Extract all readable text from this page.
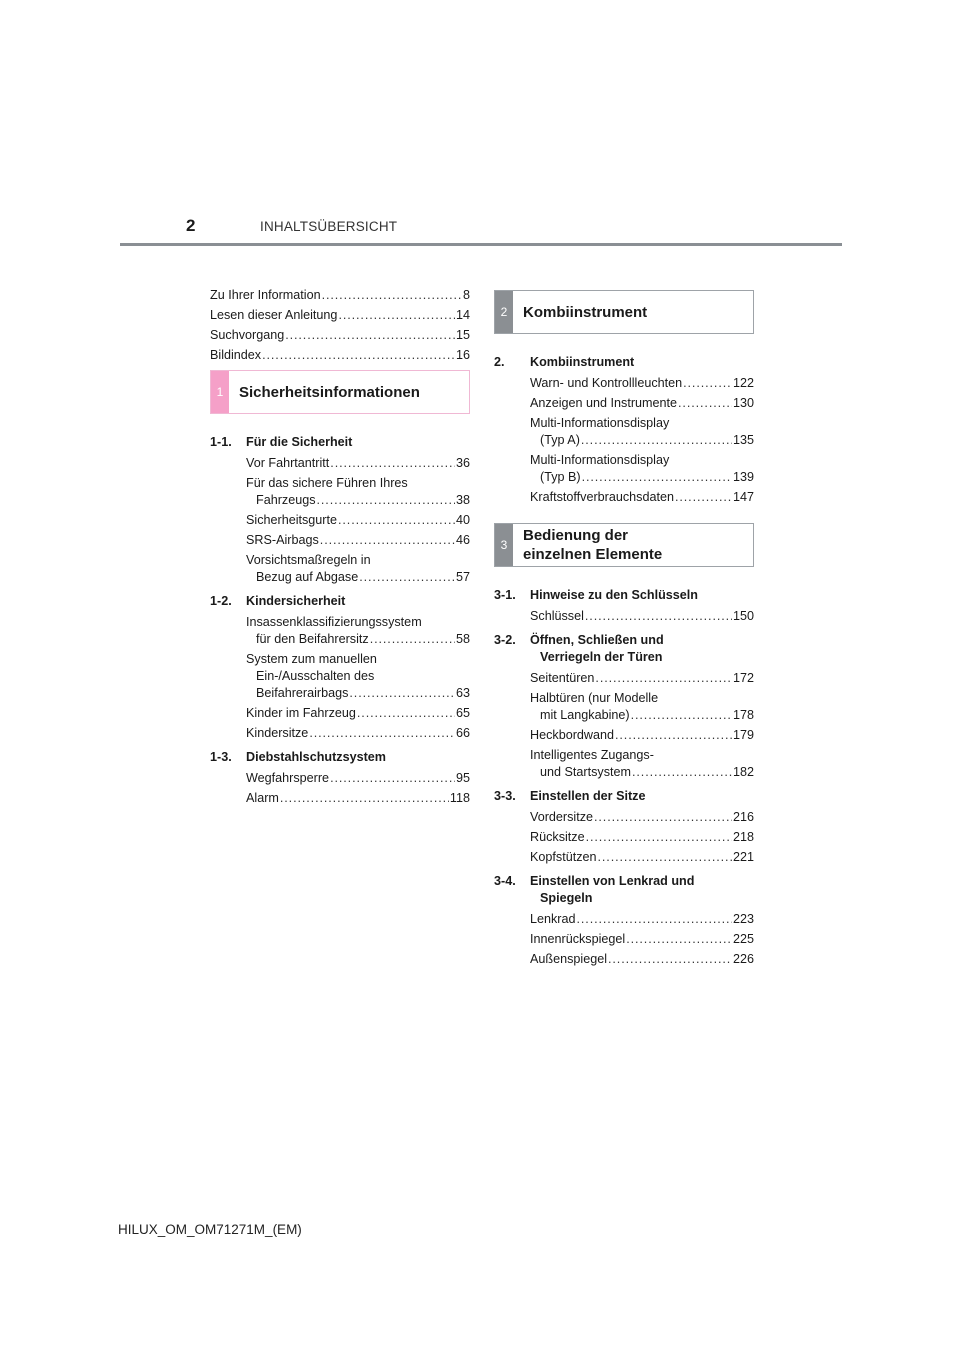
2	INHALTSÜBERSICHT
Zu Ihrer Information . . .	8
Lesen dieser Anleitung . . .	14
Suchvorgang . . .	15
Bildindex . . .	16
1	Sicherheitsinformationen
1-1.	Für die Sicherheit
Vor Fahrtantritt . . .	36
Für das sichere Führen Ihres
Fahrzeugs . . .	38
Sicherheitsgurte . . .	40
SRS-Airbags . . .	46
Vorsichtsmaßregeln in
Bezug auf Abgase . . .	57
1-2.	Kindersicherheit
Insassenklassifizierungssystem
für den Beifahrersitz . . .	58
System zum manuellen
Ein-/Ausschalten des
Beifahrerairbags . . .	63
Kinder im Fahrzeug . . .	65
Kindersitze . . .	66
1-3.	Diebstahlschutzsystem
Wegfahrsperre . . .	95
Alarm . . .	118
2	Kombiinstrument
2.	Kombiinstrument
Warn- und Kontrollleuchten . . .	122
Anzeigen und Instrumente . . .	130
Multi-Informationsdisplay
(Typ A) . . .	135
Multi-Informationsdisplay
(Typ B) . . .	139
Kraftstoffverbrauchsdaten . . .	147
3
Bedienung der
einzelnen Elemente
3-1.	Hinweise zu den Schlüsseln
Schlüssel . . .	150
3-2.	Öffnen, Schließen und
Verriegeln der Türen
Seitentüren . . .	172
Halbtüren (nur Modelle
mit Langkabine) . . .	178
Heckbordwand . . .	179
Intelligentes Zugangs-
und Startsystem . . .	182
3-3.	Einstellen der Sitze
Vordersitze . . .	216
Rücksitze . . .	218
Kopfstützen . . .	221
3-4.	Einstellen von Lenkrad und
Spiegeln
Lenkrad . . .	223
Innenrückspiegel . . .	225
Außenspiegel . . .	226
HILUX_OM_OM71271M_(EM)
